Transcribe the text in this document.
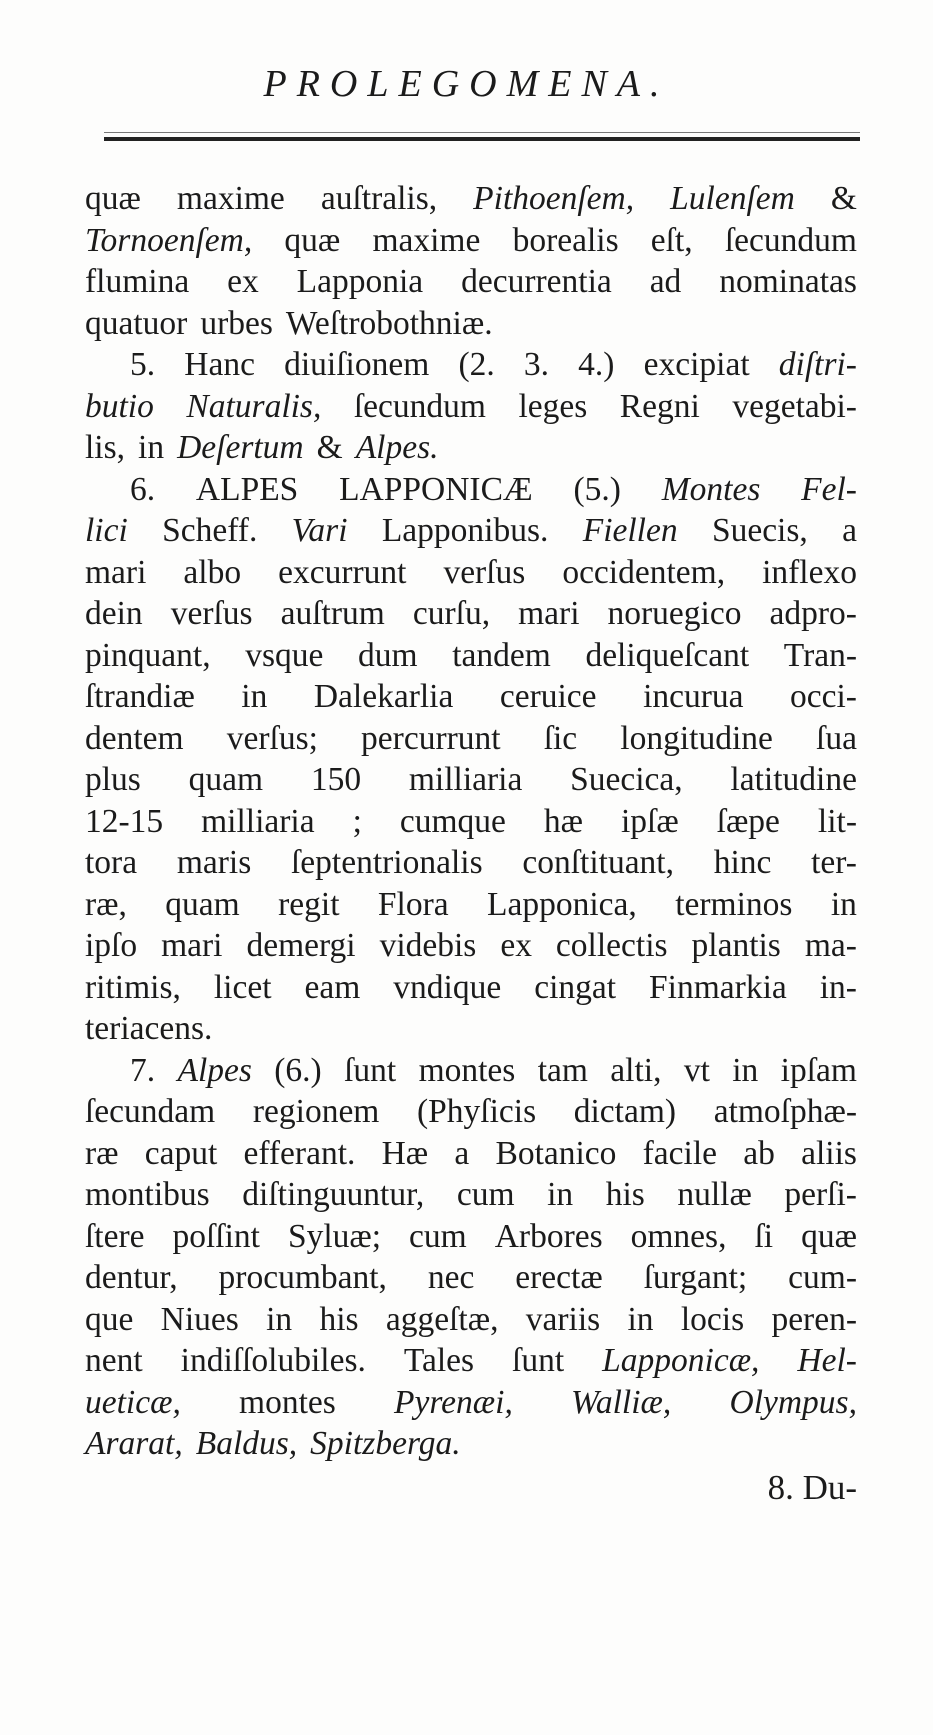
PROLEGOMENA.
quæ maxime auſtralis, Pithoenſem, Lulenſem &
Tornoenſem, quæ maxime borealis eſt, ſecundum
flumina ex Lapponia decurrentia ad nominatas
quatuor urbes Weſtrobothniæ.
5. Hanc diuiſionem (2. 3. 4.) excipiat diſtri-
butio Naturalis, ſecundum leges Regni vegetabi-
lis, in Deſertum & Alpes.
6. ALPES LAPPONICÆ (5.) Montes Fel-
lici Scheff. Vari Lapponibus. Fiellen Suecis, a
mari albo excurrunt verſus occidentem, inflexo
dein verſus auſtrum curſu, mari noruegico adpro-
pinquant, vsque dum tandem deliqueſcant Tran-
ſtrandiæ in Dalekarlia ceruice incurua occi-
dentem verſus; percurrunt ſic longitudine ſua
plus quam 150 milliaria Suecica, latitudine
12-15 milliaria ; cumque hæ ipſæ ſæpe lit-
tora maris ſeptentrionalis conſtituant, hinc ter-
ræ, quam regit Flora Lapponica, terminos in
ipſo mari demergi videbis ex collectis plantis ma-
ritimis, licet eam vndique cingat Finmarkia in-
teriacens.
7. Alpes (6.) ſunt montes tam alti, vt in ipſam
ſecundam regionem (Phyſicis dictam) atmoſphæ-
ræ caput efferant. Hæ a Botanico facile ab aliis
montibus diſtinguuntur, cum in his nullæ perſi-
ſtere poſſint Syluæ; cum Arbores omnes, ſi quæ
dentur, procumbant, nec erectæ ſurgant; cum-
que Niues in his aggeſtæ, variis in locis peren-
nent indiſſolubiles. Tales ſunt Lapponicæ, Hel-
ueticæ, montes Pyrenæi, Walliæ, Olympus,
Ararat, Baldus, Spitzberga.
8. Du-
